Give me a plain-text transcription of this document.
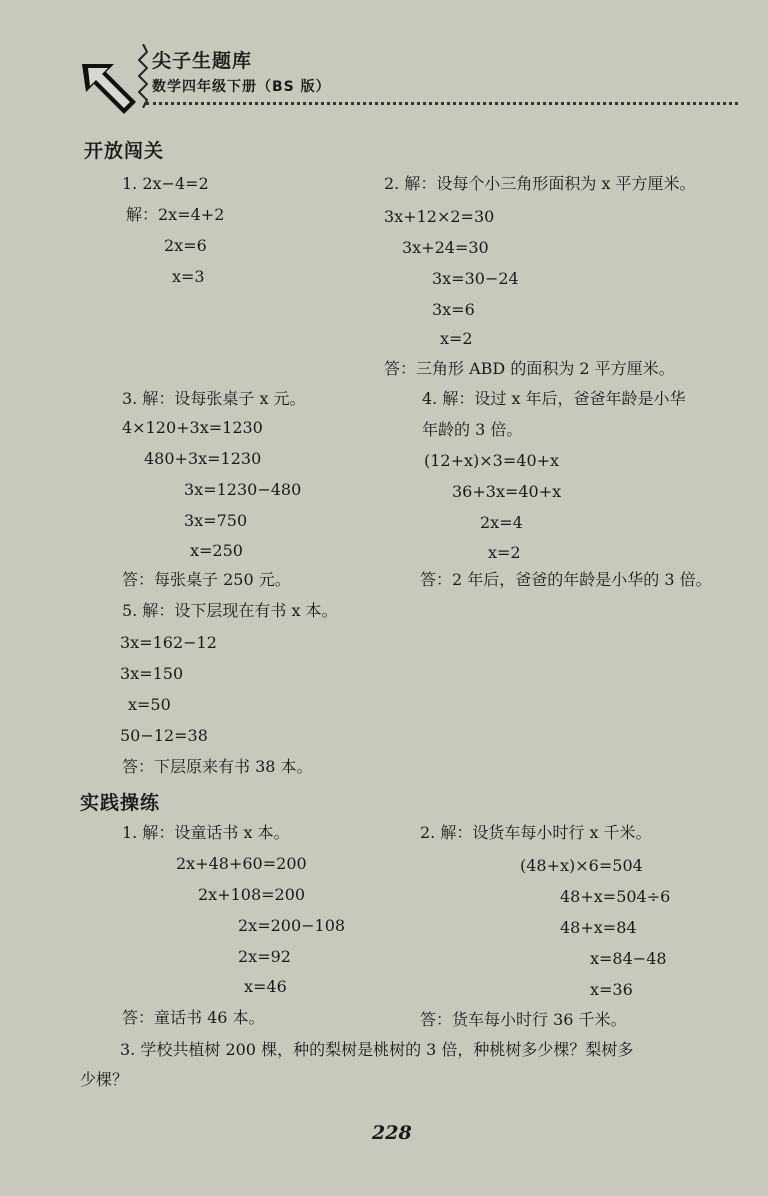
尖子生题库
数学四年级下册（BS 版）
开放闯关
实践操练
1. 2x−4=2
解：2x=4+2
2x=6
x=3
2. 解：设每个小三角形面积为 x 平方厘米。
3x+12×2=30
3x+24=30
3x=30−24
3x=6
x=2
答：三角形 ABD 的面积为 2 平方厘米。
3. 解：设每张桌子 x 元。
4×120+3x=1230
480+3x=1230
3x=1230−480
3x=750
x=250
答：每张桌子 250 元。
4. 解：设过 x 年后，爸爸年龄是小华
年龄的 3 倍。
(12+x)×3=40+x
36+3x=40+x
2x=4
x=2
答：2 年后，爸爸的年龄是小华的 3 倍。
5. 解：设下层现在有书 x 本。
3x=162−12
3x=150
x=50
50−12=38
答：下层原来有书 38 本。
1. 解：设童话书 x 本。
2x+48+60=200
2x+108=200
2x=200−108
2x=92
x=46
答：童话书 46 本。
2. 解：设货车每小时行 x 千米。
(48+x)×6=504
48+x=504÷6
48+x=84
x=84−48
x=36
答：货车每小时行 36 千米。
3. 学校共植树 200 棵，种的梨树是桃树的 3 倍，种桃树多少棵？梨树多
少棵？
228
